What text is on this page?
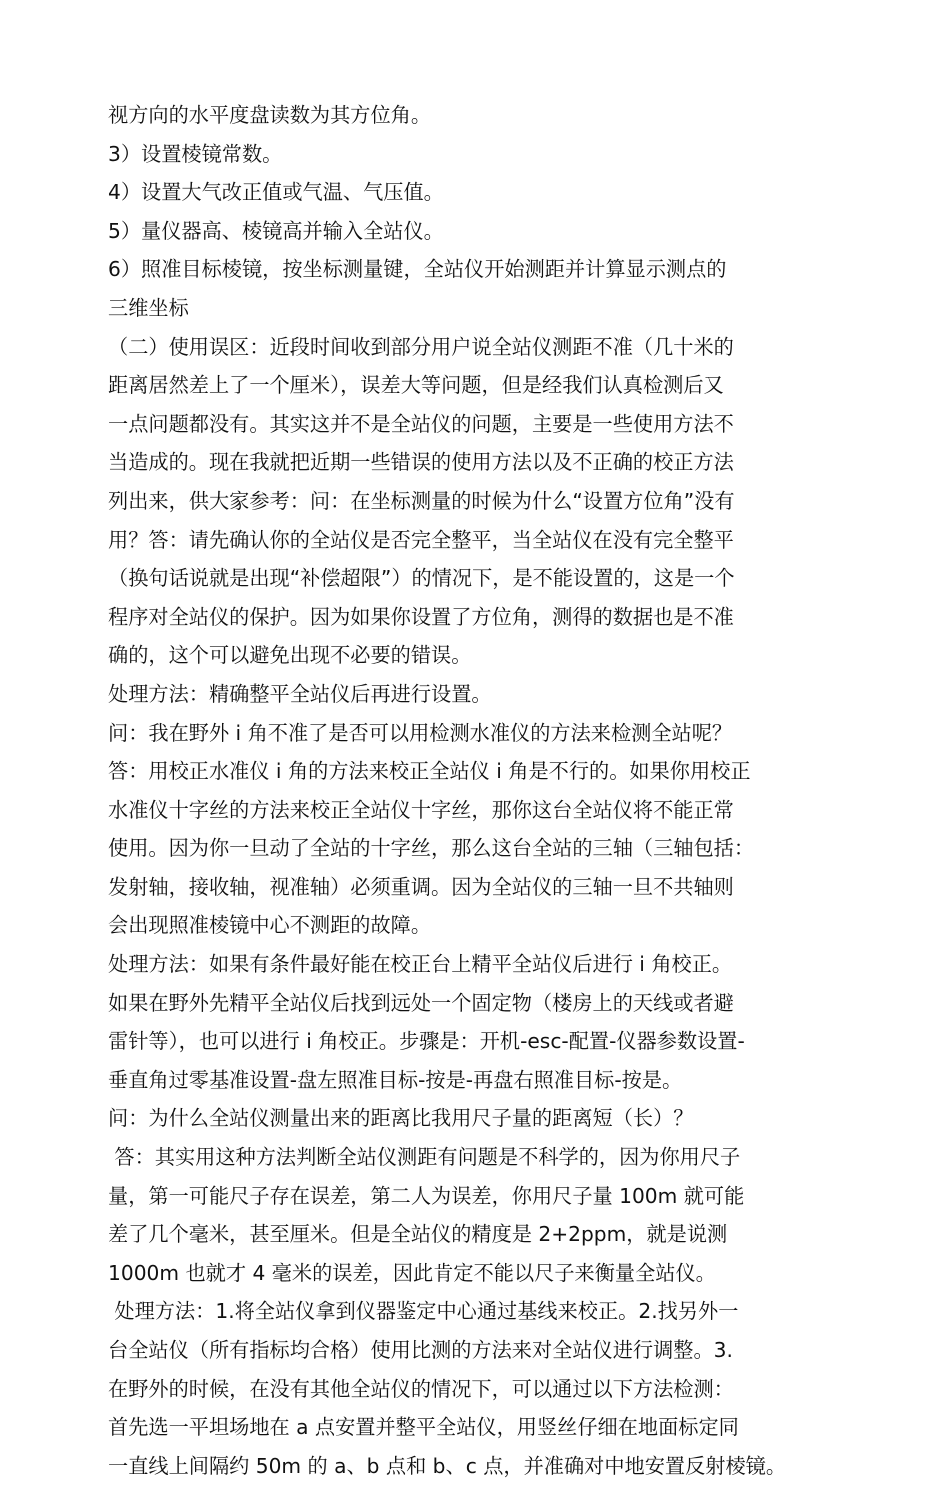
视方向的水平度盘读数为其方位角。
3）设置棱镜常数。
4）设置大气改正值或气温、气压值。
5）量仪器高、棱镜高并输入全站仪。
6）照准目标棱镜，按坐标测量键，全站仪开始测距并计算显示测点的
三维坐标
（二）使用误区：近段时间收到部分用户说全站仪测距不准（几十米的
距离居然差上了一个厘米），误差大等问题，但是经我们认真检测后又
一点问题都没有。其实这并不是全站仪的问题，主要是一些使用方法不
当造成的。现在我就把近期一些错误的使用方法以及不正确的校正方法
列出来，供大家参考：问：在坐标测量的时候为什么“设置方位角”没有
用？答：请先确认你的全站仪是否完全整平，当全站仪在没有完全整平
（换句话说就是出现“补偿超限”）的情况下，是不能设置的，这是一个
程序对全站仪的保护。因为如果你设置了方位角，测得的数据也是不准
确的，这个可以避免出现不必要的错误。
处理方法：精确整平全站仪后再进行设置。
问：我在野外 i 角不准了是否可以用检测水准仪的方法来检测全站呢？
答：用校正水准仪 i 角的方法来校正全站仪 i 角是不行的。如果你用校正
水准仪十字丝的方法来校正全站仪十字丝，那你这台全站仪将不能正常
使用。因为你一旦动了全站的十字丝，那么这台全站的三轴（三轴包括：
发射轴，接收轴，视准轴）必须重调。因为全站仪的三轴一旦不共轴则
会出现照准棱镜中心不测距的故障。
处理方法：如果有条件最好能在校正台上精平全站仪后进行 i 角校正。
如果在野外先精平全站仪后找到远处一个固定物（楼房上的天线或者避
雷针等），也可以进行 i 角校正。步骤是：开机-esc-配置-仪器参数设置-
垂直角过零基准设置-盘左照准目标-按是-再盘右照准目标-按是。
问：为什么全站仪测量出来的距离比我用尺子量的距离短（长）？
答：其实用这种方法判断全站仪测距有问题是不科学的，因为你用尺子
量，第一可能尺子存在误差，第二人为误差，你用尺子量 100m 就可能
差了几个毫米，甚至厘米。但是全站仪的精度是 2+2ppm，就是说测
1000m 也就才 4 毫米的误差，因此肯定不能以尺子来衡量全站仪。
处理方法：1.将全站仪拿到仪器鉴定中心通过基线来校正。2.找另外一
台全站仪（所有指标均合格）使用比测的方法来对全站仪进行调整。3.
在野外的时候，在没有其他全站仪的情况下，可以通过以下方法检测：
首先选一平坦场地在 a 点安置并整平全站仪，用竖丝仔细在地面标定同
一直线上间隔约 50m 的 a、b 点和 b、c 点，并准确对中地安置反射棱镜。
